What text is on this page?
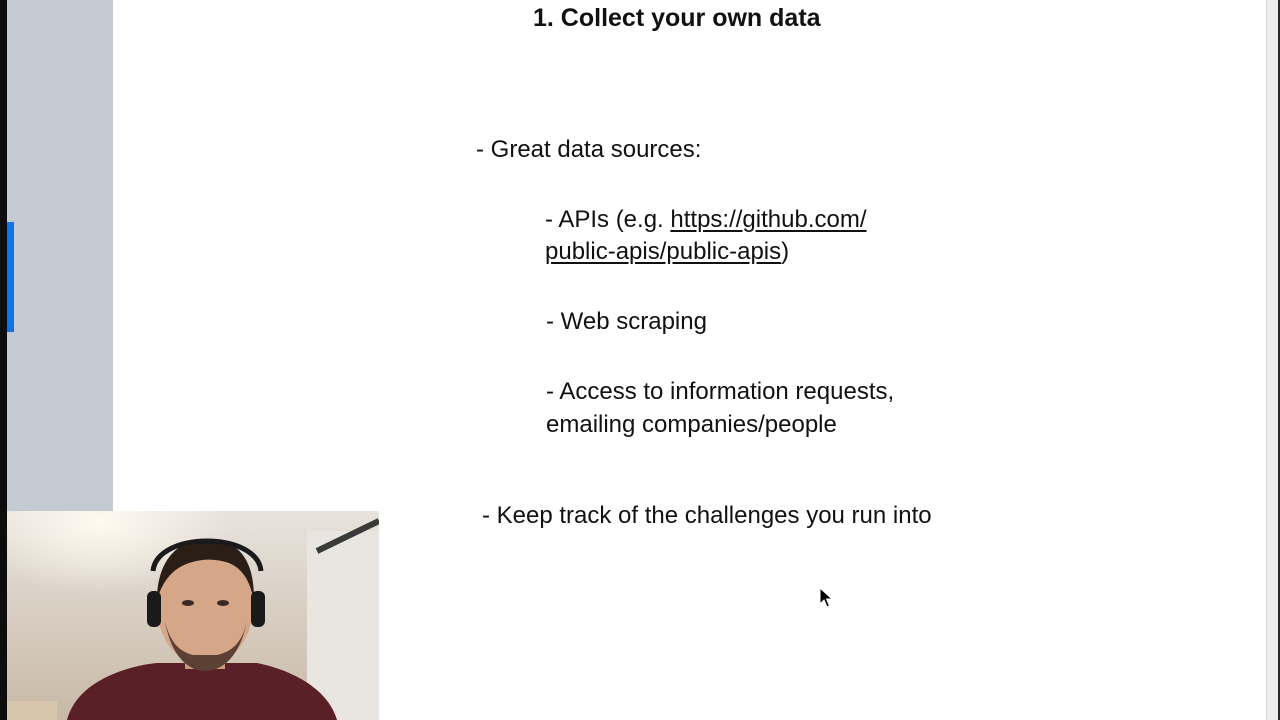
1. Collect your own data
- Great data sources:
- APIs (e.g. https://github.com/
public-apis/public-apis)
- Web scraping
- Access to information requests,
emailing companies/people
- Keep track of the challenges you run into
